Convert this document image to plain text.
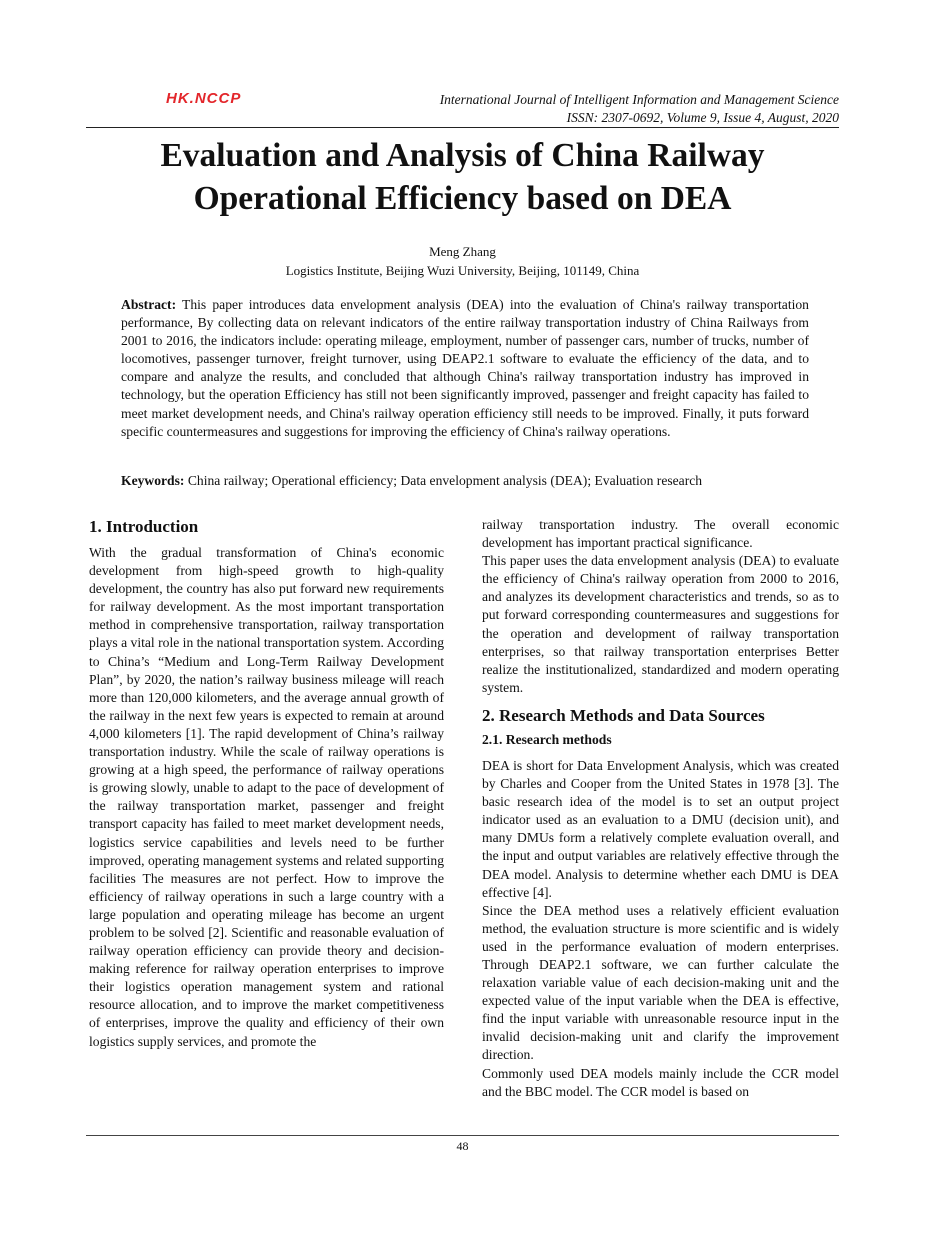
HK.NCCP	International Journal of Intelligent Information and Management Science
ISSN: 2307-0692, Volume 9, Issue 4, August, 2020
Evaluation and Analysis of China Railway
Operational Efficiency based on DEA
Meng Zhang
Logistics Institute, Beijing Wuzi University, Beijing, 101149, China
Abstract: This paper introduces data envelopment analysis (DEA) into the evaluation of China's railway transportation performance, By collecting data on relevant indicators of the entire railway transportation industry of China Railways from 2001 to 2016, the indicators include: operating mileage, employment, number of passenger cars, number of trucks, number of locomotives, passenger turnover, freight turnover, using DEAP2.1 software to evaluate the efficiency of the data, and to compare and analyze the results, and concluded that although China's railway transportation industry has improved in technology, but the operation Efficiency has still not been significantly improved, passenger and freight capacity has failed to meet market development needs, and China's railway operation efficiency still needs to be improved. Finally, it puts forward specific countermeasures and suggestions for improving the efficiency of China's railway operations.
Keywords: China railway; Operational efficiency; Data envelopment analysis (DEA); Evaluation research
1. Introduction

With the gradual transformation of China's economic development from high-speed growth to high-quality development, the country has also put forward new requirements for railway development. As the most important transportation method in comprehensive transportation, railway transportation plays a vital role in the national transportation system. According to China’s “Medium and Long-Term Railway Development Plan”, by 2020, the nation’s railway business mileage will reach more than 120,000 kilometers, and the average annual growth of the railway in the next few years is expected to remain at around 4,000 kilometers [1]. The rapid development of China’s railway transportation industry. While the scale of railway operations is growing at a high speed, the performance of railway operations is growing slowly, unable to adapt to the pace of development of the railway transportation market, passenger and freight transport capacity has failed to meet market development needs, logistics service capabilities and levels need to be further improved, operating management systems and related supporting facilities The measures are not perfect. How to improve the efficiency of railway operations in such a large country with a large population and operating mileage has become an urgent problem to be solved [2]. Scientific and reasonable evaluation of railway operation efficiency can provide theory and decision-making reference for railway operation enterprises to improve their logistics operation management system and rational resource allocation, and to improve the market competitiveness of enterprises, improve the quality and efficiency of their own logistics supply services, and promote the

railway transportation industry. The overall economic development has important practical significance.

This paper uses the data envelopment analysis (DEA) to evaluate the efficiency of China's railway operation from 2000 to 2016, and analyzes its development characteristics and trends, so as to put forward corresponding countermeasures and suggestions for the operation and development of railway transportation enterprises, so that railway transportation enterprises Better realize the institutionalized, standardized and modern operating system.

2. Research Methods and Data Sources
2.1. Research methods

DEA is short for Data Envelopment Analysis, which was created by Charles and Cooper from the United States in 1978 [3]. The basic research idea of the model is to set an output project indicator used as an evaluation to a DMU (decision unit), and many DMUs form a relatively complete evaluation overall, and the input and output variables are relatively effective through the DEA model. Analysis to determine whether each DMU is DEA effective [4].

Since the DEA method uses a relatively efficient evaluation method, the evaluation structure is more scientific and is widely used in the performance evaluation of modern enterprises. Through DEAP2.1 software, we can further calculate the relaxation variable value of each decision-making unit and the expected value of the input variable when the DEA is effective, find the input variable with unreasonable resource input in the invalid decision-making unit and clarify the improvement direction.

Commonly used DEA models mainly include the CCR model and the BBC model. The CCR model is based on

48
